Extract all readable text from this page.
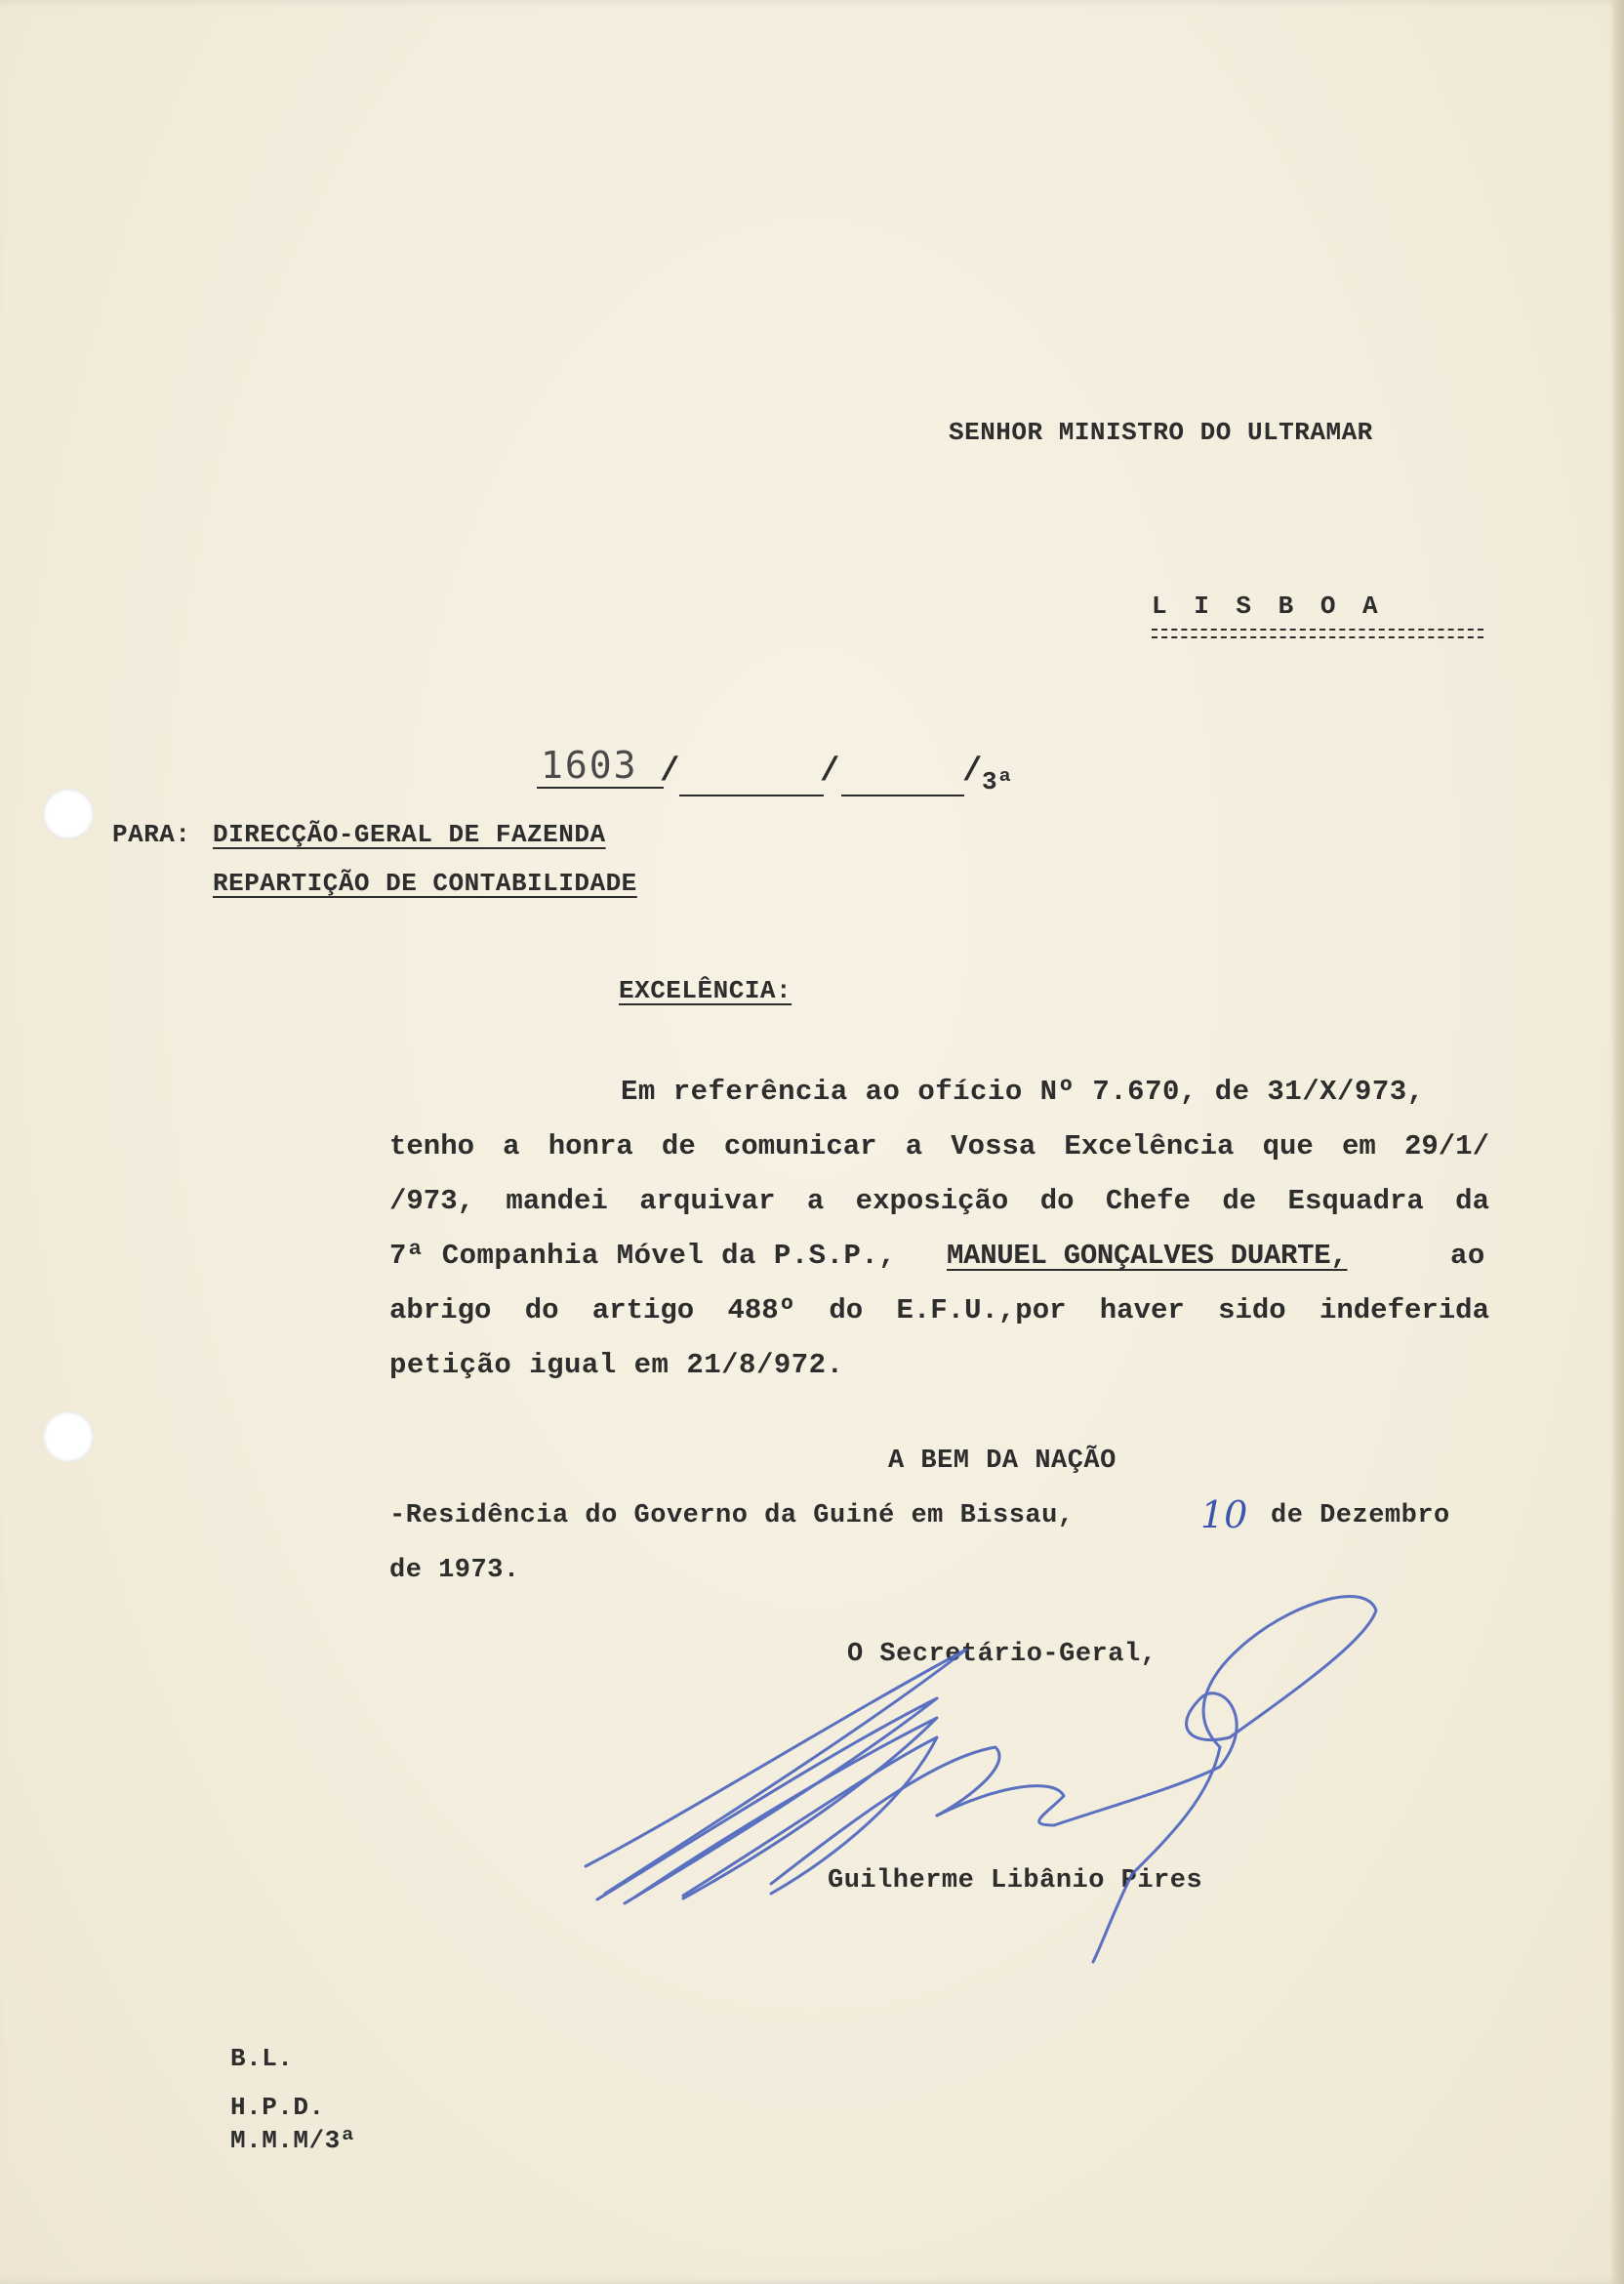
SENHOR MINISTRO DO ULTRAMAR
L I S B O A
1603 /	/	/ 3ª
PARA: DIRECÇÃO-GERAL DE FAZENDA
REPARTIÇÃO DE CONTABILIDADE
EXCELÊNCIA:
Em referência ao ofício Nº 7.670, de 31/X/973,
tenho a honra de comunicar a Vossa Excelência que em 29/1/
/973, mandei arquivar a exposição do Chefe de Esquadra da
7ª Companhia Móvel da P.S.P., MANUEL GONÇALVES DUARTE,	ao
abrigo do artigo 488º do E.F.U.,por haver sido indeferida
petição igual em 21/8/972.
A BEM DA NAÇÃO
-Residência do Governo da Guiné em Bissau,	10 de Dezembro
de 1973.
O Secretário-Geral,
Guilherme Libânio Pires
B.L.
H.P.D.
M.M.M/3ª
